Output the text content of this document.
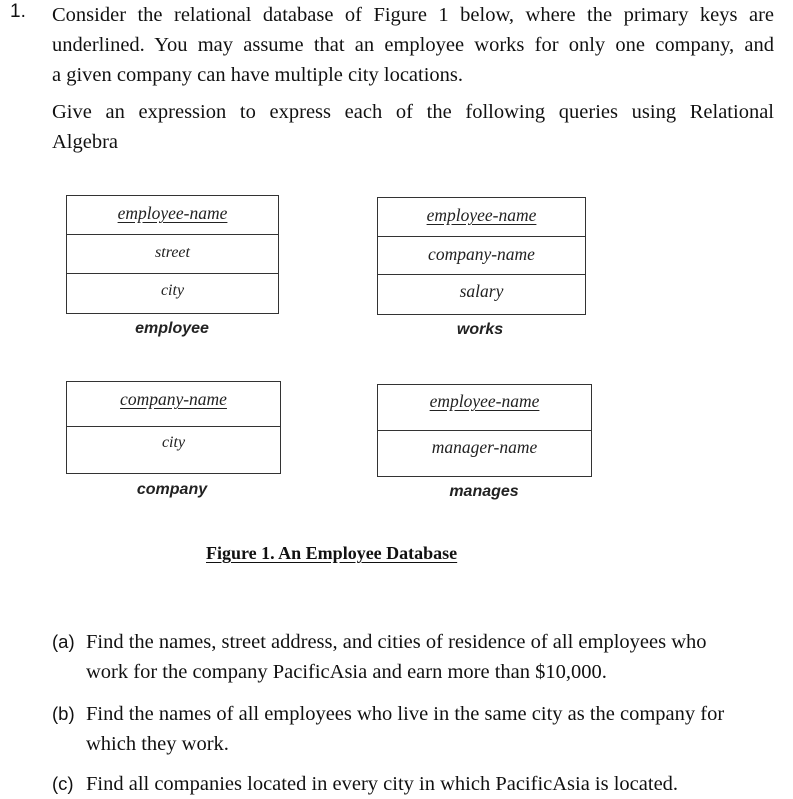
1. Consider the relational database of Figure 1 below, where the primary keys are
underlined. You may assume that an employee works for only one company, and
a given company can have multiple city locations.
Give an expression to express each of the following queries using Relational
Algebra
employee-name
street
city
employee
employee-name
company-name
salary
works
company-name
city
company
employee-name
manager-name
manages
Figure 1. An Employee Database
(a) Find the names, street address, and cities of residence of all employees who
work for the company PacificAsia and earn more than $10,000.
(b) Find the names of all employees who live in the same city as the company for
which they work.
(c) Find all companies located in every city in which PacificAsia is located.
